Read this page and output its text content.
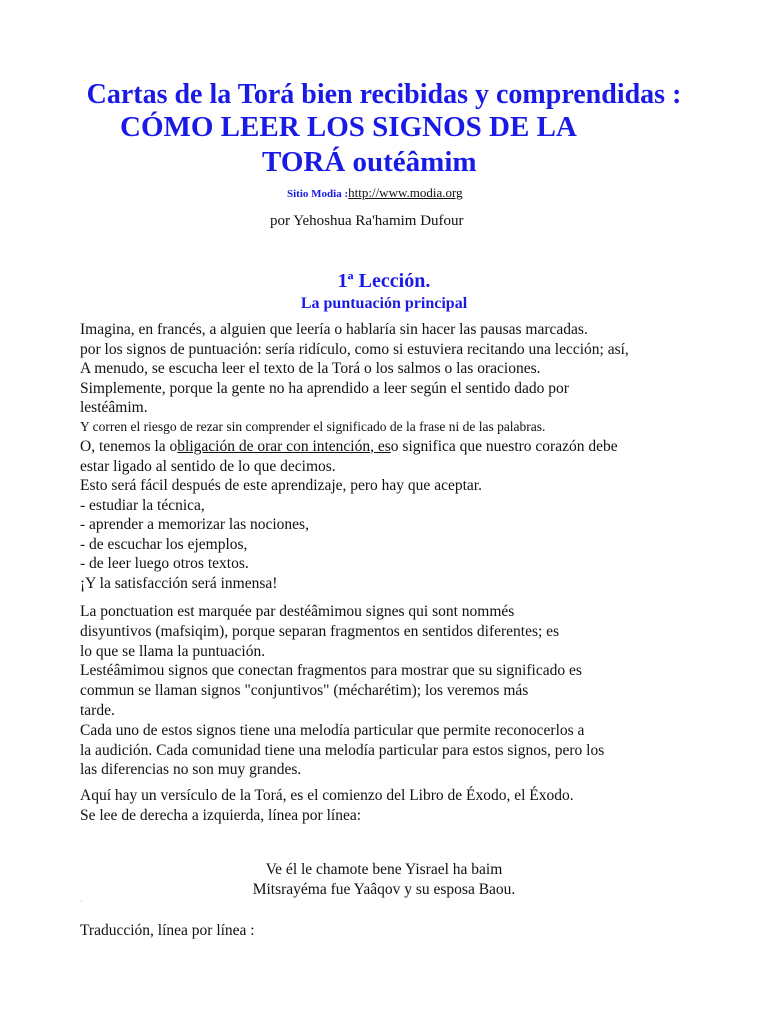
Cartas de la Torá bien recibidas y comprendidas :
CÓMO LEER LOS SIGNOS DE LA
TORÁ outéâmim
Sitio Modia :http://www.modia.org
por Yehoshua Ra'hamim Dufour
1ª Lección.
La puntuación principal
Imagina, en francés, a alguien que leería o hablaría sin hacer las pausas marcadas.
por los signos de puntuación: sería ridículo, como si estuviera recitando una lección; así,
A menudo, se escucha leer el texto de la Torá o los salmos o las oraciones.
Simplemente, porque la gente no ha aprendido a leer según el sentido dado por
lestéâmim.
Y corren el riesgo de rezar sin comprender el significado de la frase ni de las palabras.
O, tenemos la obligación de orar con intención, eso significa que nuestro corazón debe
estar ligado al sentido de lo que decimos.
Esto será fácil después de este aprendizaje, pero hay que aceptar.
- estudiar la técnica,
- aprender a memorizar las nociones,
- de escuchar los ejemplos,
- de leer luego otros textos.
¡Y la satisfacción será inmensa!
La ponctuation est marquée par destéâmimou signes qui sont nommés
disyuntivos (mafsiqim), porque separan fragmentos en sentidos diferentes; es
lo que se llama la puntuación.
Lestéâmimou signos que conectan fragmentos para mostrar que su significado es
commun se llaman signos "conjuntivos" (mécharétim); los veremos más
tarde.
Cada uno de estos signos tiene una melodía particular que permite reconocerlos a
la audición. Cada comunidad tiene una melodía particular para estos signos, pero los
las diferencias no son muy grandes.
Aquí hay un versículo de la Torá, es el comienzo del Libro de Éxodo, el Éxodo.
Se lee de derecha a izquierda, línea por línea:
Ve él le chamote bene Yisrael ha baim
Mitsrayéma fue Yaâqov y su esposa Baou.
·
Traducción, línea por línea :
